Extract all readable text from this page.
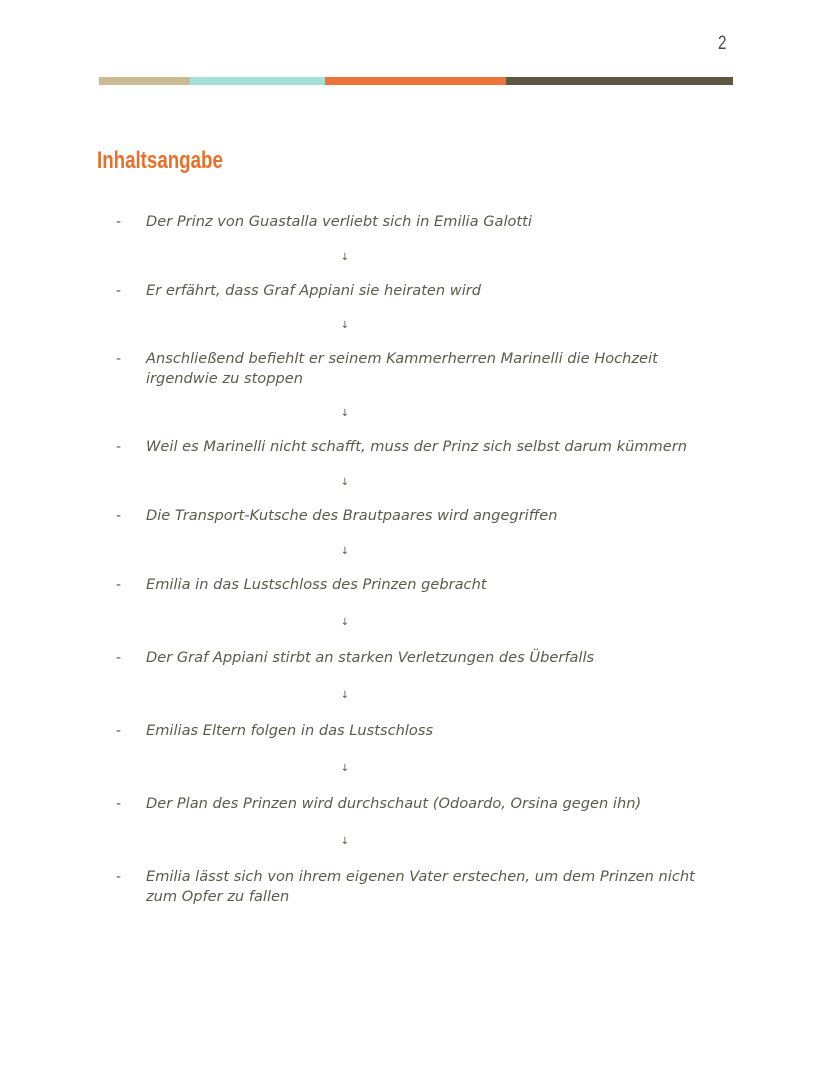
2
Inhaltsangabe
- Der Prinz von Guastalla verliebt sich in Emilia Galotti
↓
- Er erfährt, dass Graf Appiani sie heiraten wird
↓
- Anschließend befiehlt er seinem Kammerherren Marinelli die Hochzeit irgendwie zu stoppen
↓
- Weil es Marinelli nicht schafft, muss der Prinz sich selbst darum kümmern
↓
- Die Transport-Kutsche des Brautpaares wird angegriffen
↓
- Emilia in das Lustschloss des Prinzen gebracht
↓
- Der Graf Appiani stirbt an starken Verletzungen des Überfalls
↓
- Emilias Eltern folgen in das Lustschloss
↓
- Der Plan des Prinzen wird durchschaut (Odoardo, Orsina gegen ihn)
↓
- Emilia lässt sich von ihrem eigenen Vater erstechen, um dem Prinzen nicht zum Opfer zu fallen
